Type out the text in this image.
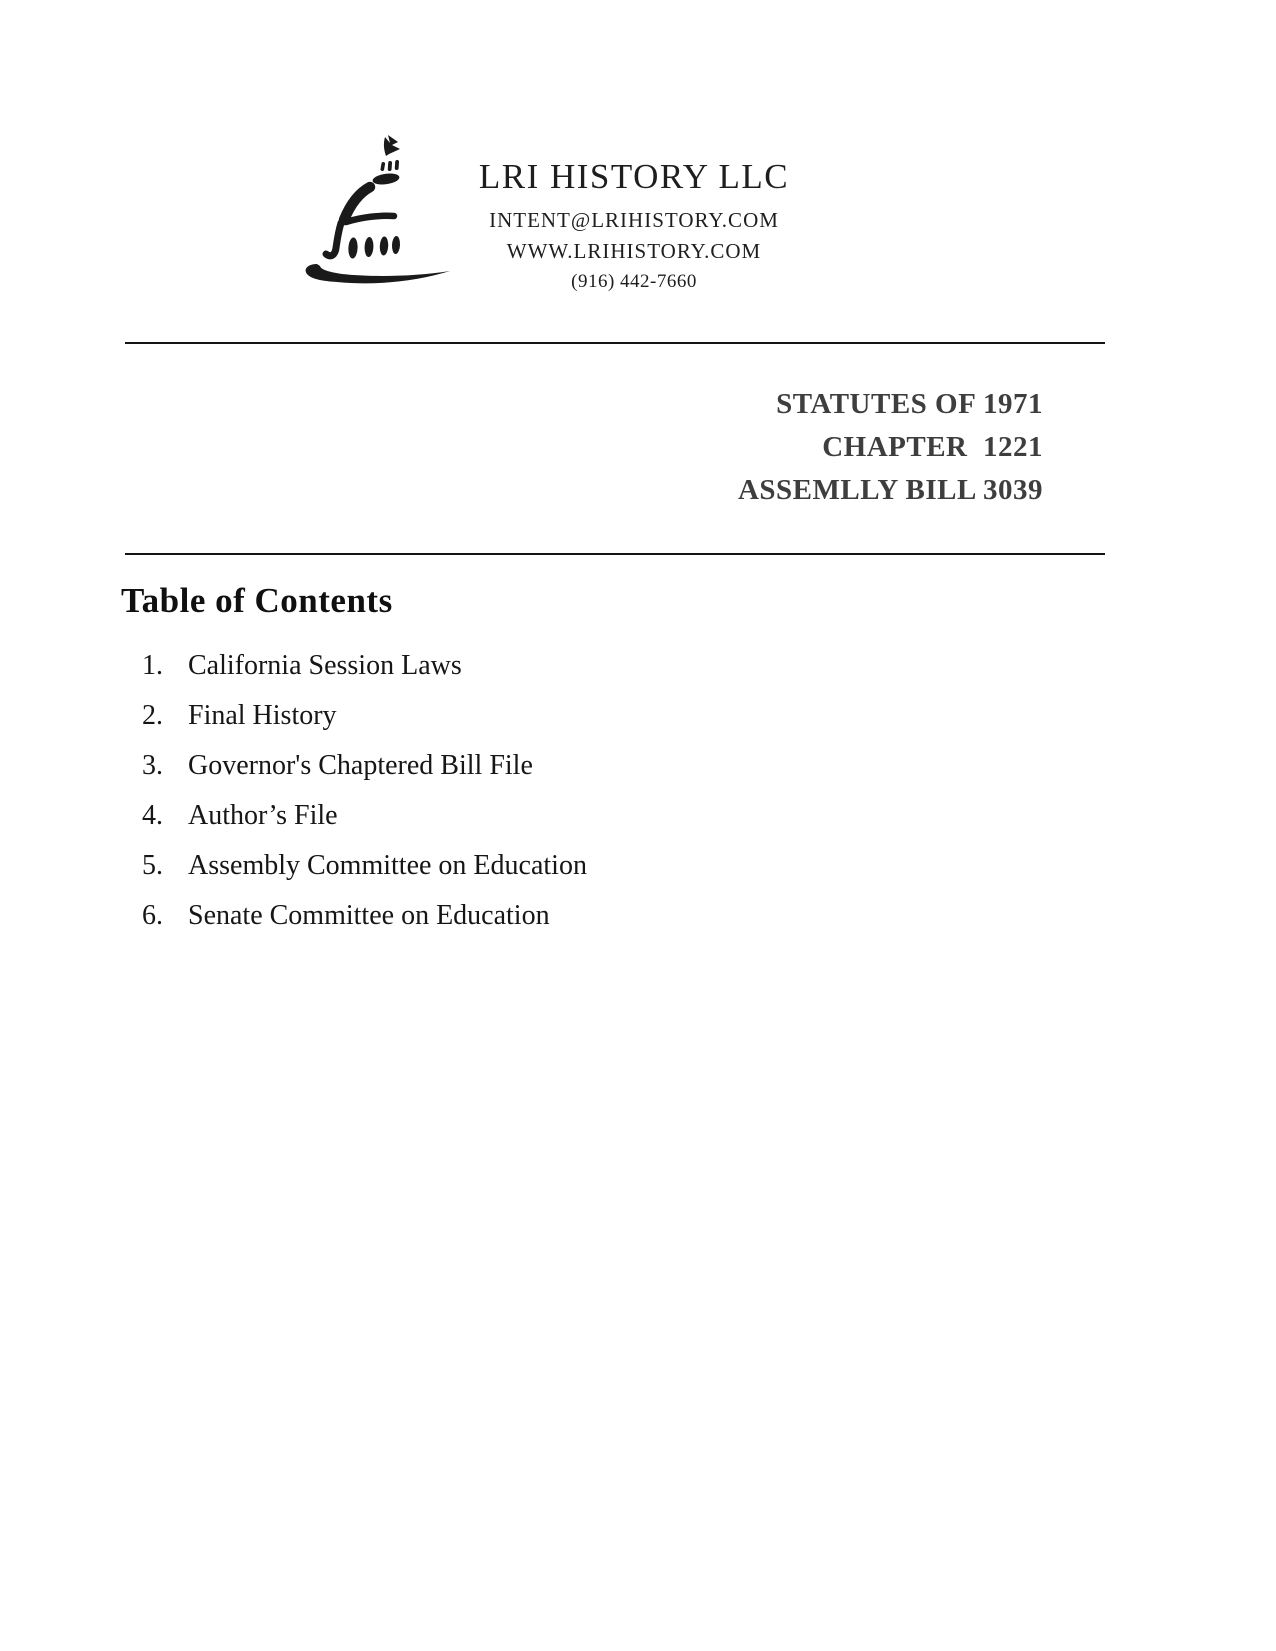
LRI HISTORY LLC
INTENT@LRIHISTORY.COM
WWW.LRIHISTORY.COM
(916) 442-7660
STATUTES OF 1971
CHAPTER  1221
ASSEMLLY BILL 3039
Table of Contents
1. California Session Laws
2. Final History
3. Governor's Chaptered Bill File
4. Author’s File
5. Assembly Committee on Education
6. Senate Committee on Education
